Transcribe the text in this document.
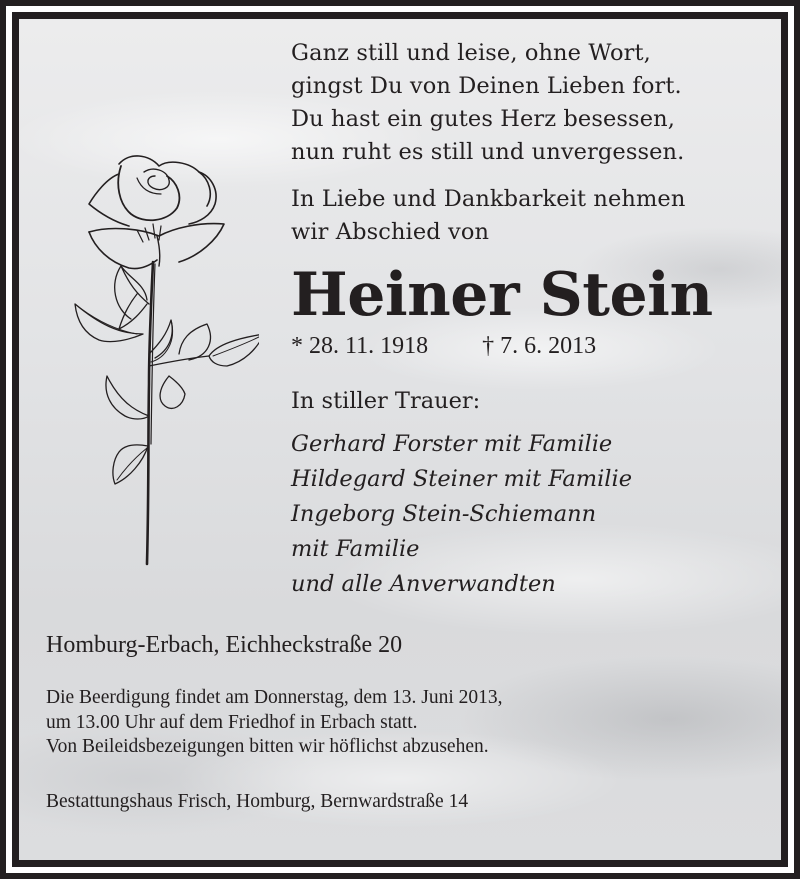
Ganz still und leise, ohne Wort,
gingst Du von Deinen Lieben fort.
Du hast ein gutes Herz besessen,
nun ruht es still und unvergessen.
In Liebe und Dankbarkeit nehmen
wir Abschied von
Heiner Stein
* 28. 11. 1918 † 7. 6. 2013
In stiller Trauer:
Gerhard Forster mit Familie
Hildegard Steiner mit Familie
Ingeborg Stein-Schiemann
mit Familie
und alle Anverwandten
Homburg-Erbach, Eichheckstraße 20
Die Beerdigung findet am Donnerstag, dem 13. Juni 2013,
um 13.00 Uhr auf dem Friedhof in Erbach statt.
Von Beileidsbezeigungen bitten wir höflichst abzusehen.
Bestattungshaus Frisch, Homburg, Bernwardstraße 14
